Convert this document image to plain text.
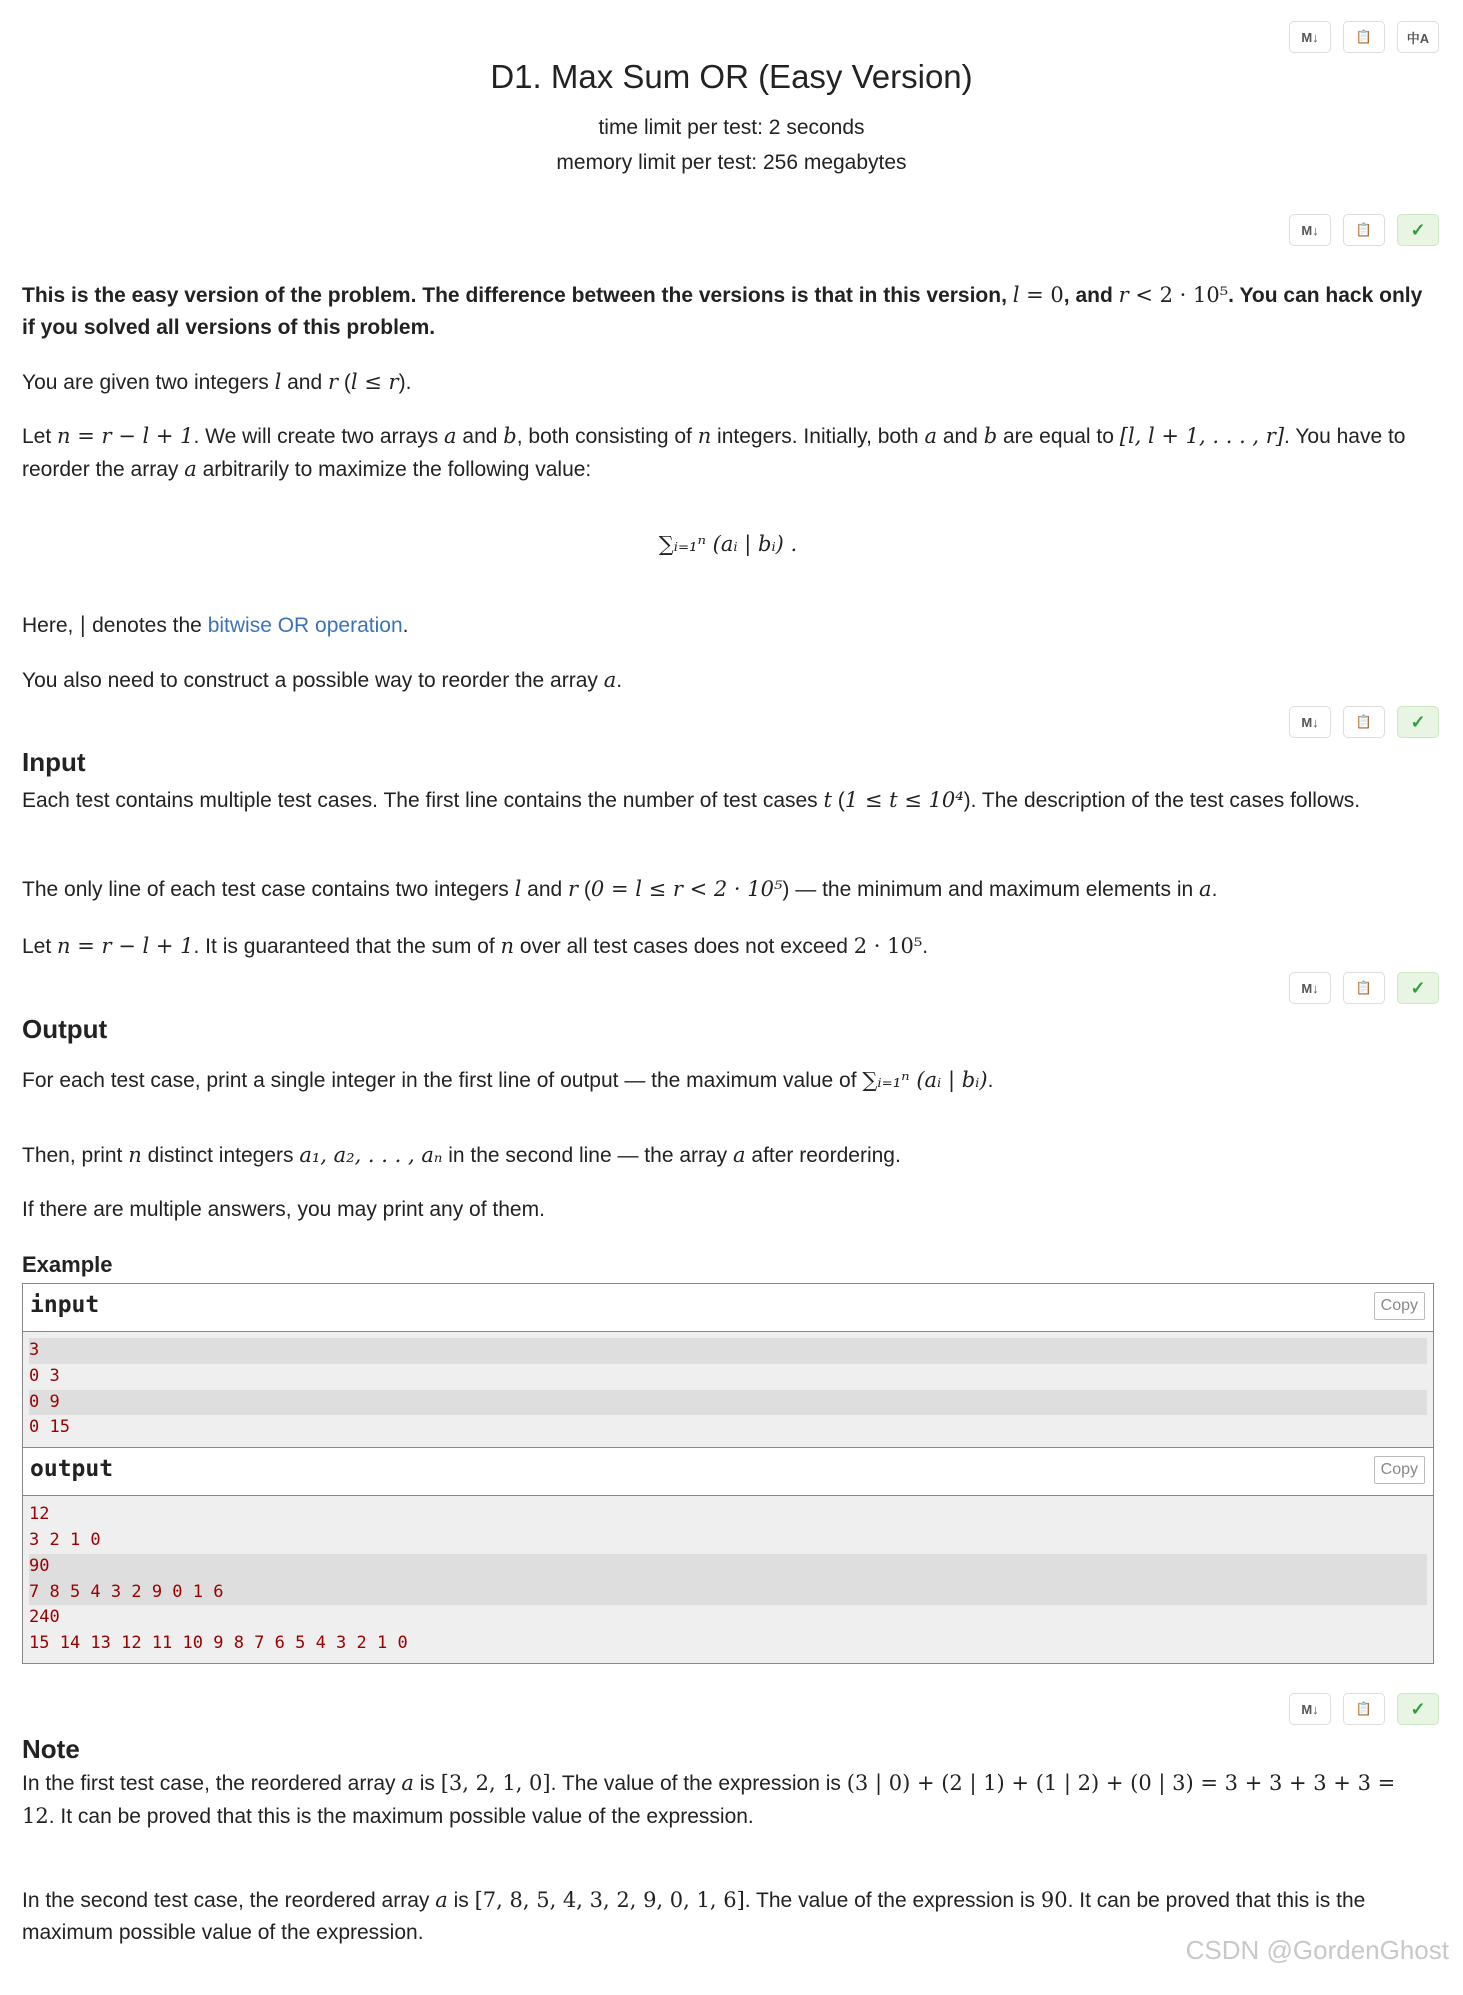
M↓	📋	中A
D1. Max Sum OR (Easy Version)
time limit per test: 2 seconds
memory limit per test: 256 megabytes
M↓	📋	✓
M↓	📋	✓
M↓	📋	✓
M↓	📋	✓
This is the easy version of the problem. The difference between the versions is that in this version, l = 0, and r < 2 · 10⁵. You can hack only if you solved all versions of this problem.
You are given two integers l and r (l ≤ r).
Let n = r − l + 1. We will create two arrays a and b, both consisting of n integers. Initially, both a and b are equal to [l, l + 1, . . . , r]. You have to reorder the array a arbitrarily to maximize the following value:
∑ᵢ₌₁ⁿ (aᵢ | bᵢ) .
Here, | denotes the bitwise OR operation.
You also need to construct a possible way to reorder the array a.
Input
Each test contains multiple test cases. The first line contains the number of test cases t (1 ≤ t ≤ 10⁴). The description of the test cases follows.
The only line of each test case contains two integers l and r (0 = l ≤ r < 2 · 10⁵) — the minimum and maximum elements in a.
Let n = r − l + 1. It is guaranteed that the sum of n over all test cases does not exceed 2 · 10⁵.
Output
For each test case, print a single integer in the first line of output — the maximum value of ∑ᵢ₌₁ⁿ (aᵢ | bᵢ).
Then, print n distinct integers a₁, a₂, . . . , aₙ in the second line — the array a after reordering.
If there are multiple answers, you may print any of them.
Example
input	Copy
3
0 3
0 9
0 15
output	Copy
12
3 2 1 0
90
7 8 5 4 3 2 9 0 1 6
240
15 14 13 12 11 10 9 8 7 6 5 4 3 2 1 0
Note
In the first test case, the reordered array a is [3, 2, 1, 0]. The value of the expression is (3 | 0) + (2 | 1) + (1 | 2) + (0 | 3) = 3 + 3 + 3 + 3 = 12. It can be proved that this is the maximum possible value of the expression.
In the second test case, the reordered array a is [7, 8, 5, 4, 3, 2, 9, 0, 1, 6]. The value of the expression is 90. It can be proved that this is the maximum possible value of the expression.
CSDN @GordenGhost
